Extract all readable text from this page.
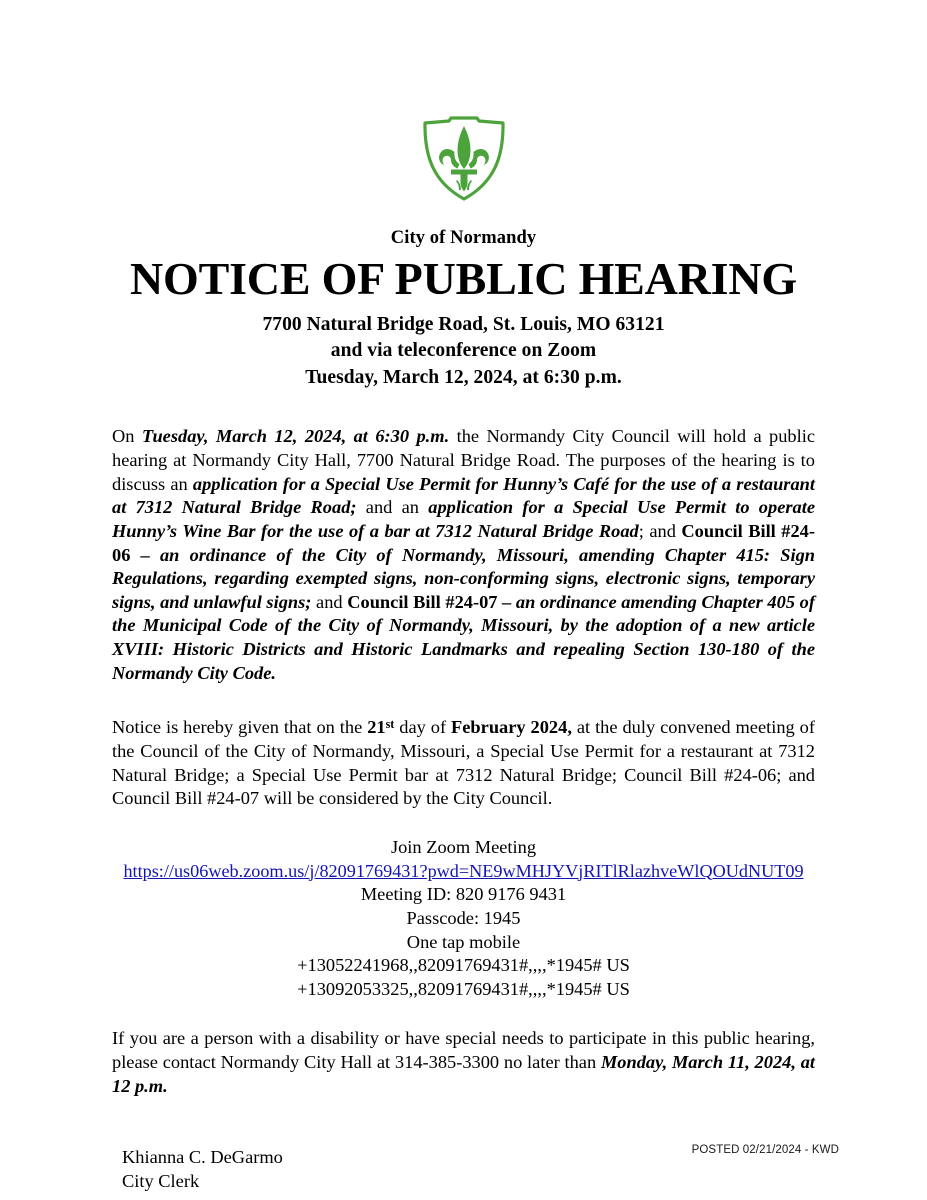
City of Normandy
NOTICE OF PUBLIC HEARING
7700 Natural Bridge Road, St. Louis, MO 63121
and via teleconference on Zoom
Tuesday, March 12, 2024, at 6:30 p.m.

On Tuesday, March 12, 2024, at 6:30 p.m. the Normandy City Council will hold a public hearing at Normandy City Hall, 7700 Natural Bridge Road. The purposes of the hearing is to discuss an application for a Special Use Permit for Hunny’s Café for the use of a restaurant at 7312 Natural Bridge Road; and an application for a Special Use Permit to operate Hunny’s Wine Bar for the use of a bar at 7312 Natural Bridge Road; and Council Bill #24-06 – an ordinance of the City of Normandy, Missouri, amending Chapter 415: Sign Regulations, regarding exempted signs, non-conforming signs, electronic signs, temporary signs, and unlawful signs; and Council Bill #24-07 – an ordinance amending Chapter 405 of the Municipal Code of the City of Normandy, Missouri, by the adoption of a new article XVIII: Historic Districts and Historic Landmarks and repealing Section 130-180 of the Normandy City Code.

Notice is hereby given that on the 21st day of February 2024, at the duly convened meeting of the Council of the City of Normandy, Missouri, a Special Use Permit for a restaurant at 7312 Natural Bridge; a Special Use Permit bar at 7312 Natural Bridge; Council Bill #24-06; and Council Bill #24-07 will be considered by the City Council.

Join Zoom Meeting
https://us06web.zoom.us/j/82091769431?pwd=NE9wMHJYVjRITlRlazhveWlQOUdNUT09
Meeting ID: 820 9176 9431
Passcode: 1945
One tap mobile
+13052241968,,82091769431#,,,,*1945# US
+13092053325,,82091769431#,,,,*1945# US

If you are a person with a disability or have special needs to participate in this public hearing, please contact Normandy City Hall at 314-385-3300 no later than Monday, March 11, 2024, at 12 p.m.

Khianna C. DeGarmo
City Clerk
POSTED 02/21/2024 - KWD
